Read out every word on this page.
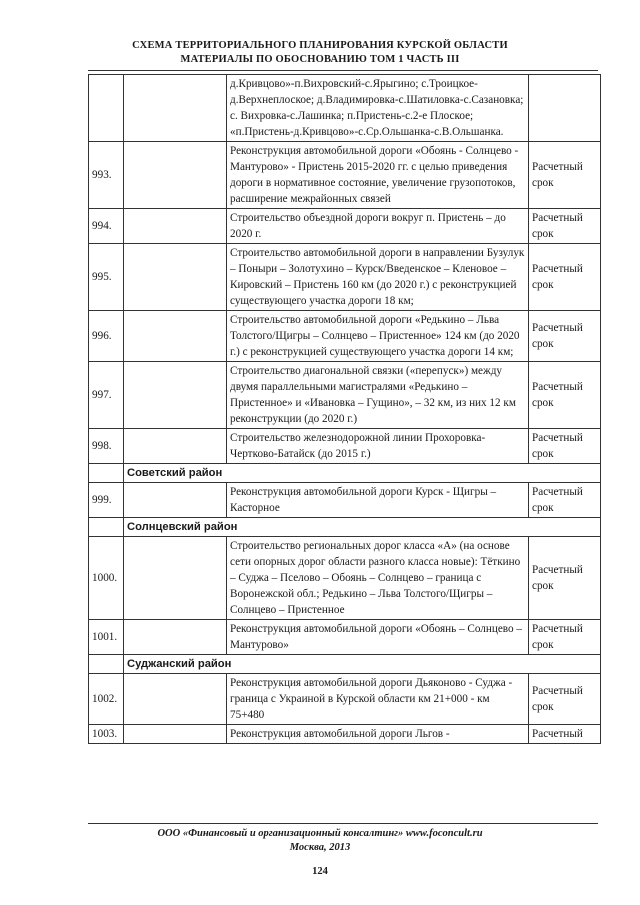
СХЕМА ТЕРРИТОРИАЛЬНОГО ПЛАНИРОВАНИЯ КУРСКОЙ ОБЛАСТИ
МАТЕРИАЛЫ ПО ОБОСНОВАНИЮ ТОМ 1 ЧАСТЬ III
		д.Кривцово»-п.Вихровский-с.Ярыгино; с.Троицкое-д.Верхнеплоское; д.Владимировка-с.Шатиловка-с.Сазановка; с. Вихровка-с.Лашинка; п.Пристень-с.2-е Плоское; «п.Пристень-д.Кривцово»-с.Ср.Ольшанка-с.В.Ольшанка.	
993.		Реконструкция автомобильной дороги «Обоянь - Солнцево - Мантурово» - Пристень 2015-2020 гг. с целью приведения дороги в нормативное состояние, увеличение грузопотоков, расширение межрайонных связей	Расчетный срок
994.		Строительство объездной дороги вокруг п. Пристень – до 2020 г.	Расчетный срок
995.		Строительство автомобильной дороги в направлении Бузулук – Поныри – Золотухино – Курск/Введенское – Кленовое – Кировский – Пристень 160 км (до 2020 г.) с реконструкцией существующего участка дороги 18 км;	Расчетный срок
996.		Строительство автомобильной дороги «Редькино – Льва Толстого/Щигры – Солнцево – Пристенное» 124 км (до 2020 г.) с реконструкцией существующего участка дороги 14 км;	Расчетный срок
997.		Строительство диагональной связки («перепуск») между двумя параллельными магистралями «Редькино – Пристенное» и «Ивановка – Гущино», – 32 км, из них 12 км реконструкции (до 2020 г.)	Расчетный срок
998.		Строительство железнодорожной линии Прохоровка-Чертково-Батайск (до 2015 г.)	Расчетный срок
	Советский район		
999.		Реконструкция автомобильной дороги Курск - Щигры – Касторное	Расчетный срок
	Солнцевский район		
1000.		Строительство региональных дорог класса «А» (на основе сети опорных дорог области разного класса новые): Тёткино – Суджа – Пселово – Обоянь – Солнцево – граница с Воронежской обл.; Редькино – Льва Толстого/Щигры – Солнцево – Пристенное	Расчетный срок
1001.		Реконструкция автомобильной дороги «Обоянь – Солнцево – Мантурово»	Расчетный срок
	Суджанский район		
1002.		Реконструкция автомобильной дороги Дьяконово - Суджа - граница с Украиной в Курской области км 21+000 - км 75+480	Расчетный срок
1003.		Реконструкция автомобильной дороги Льгов -	Расчетный
ООО «Финансовый и организационный консалтинг» www.foconcult.ru
Москва, 2013
124
